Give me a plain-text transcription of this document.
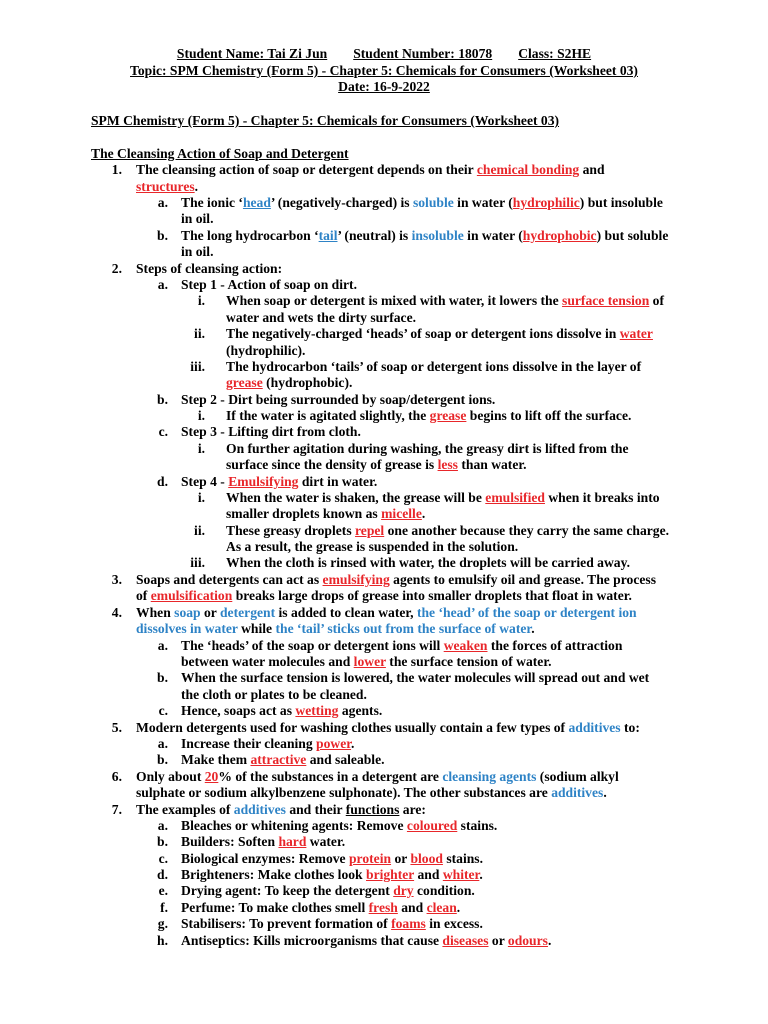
Student Name: Tai Zi Jun Student Number: 18078 Class: S2HE
Topic: SPM Chemistry (Form 5) - Chapter 5: Chemicals for Consumers (Worksheet 03)
Date: 16-9-2022
SPM Chemistry (Form 5) - Chapter 5: Chemicals for Consumers (Worksheet 03)
The Cleansing Action of Soap and Detergent
1. The cleansing action of soap or detergent depends on their chemical bonding and
structures.
a. The ionic ‘head’ (negatively-charged) is soluble in water (hydrophilic) but insoluble
in oil.
b. The long hydrocarbon ‘tail’ (neutral) is insoluble in water (hydrophobic) but soluble
in oil.
2. Steps of cleansing action:
a. Step 1 - Action of soap on dirt.
i. When soap or detergent is mixed with water, it lowers the surface tension of
water and wets the dirty surface.
ii. The negatively-charged ‘heads’ of soap or detergent ions dissolve in water
(hydrophilic).
iii. The hydrocarbon ‘tails’ of soap or detergent ions dissolve in the layer of
grease (hydrophobic).
b. Step 2 - Dirt being surrounded by soap/detergent ions.
i. If the water is agitated slightly, the grease begins to lift off the surface.
c. Step 3 - Lifting dirt from cloth.
i. On further agitation during washing, the greasy dirt is lifted from the
surface since the density of grease is less than water.
d. Step 4 - Emulsifying dirt in water.
i. When the water is shaken, the grease will be emulsified when it breaks into
smaller droplets known as micelle.
ii. These greasy droplets repel one another because they carry the same charge.
As a result, the grease is suspended in the solution.
iii. When the cloth is rinsed with water, the droplets will be carried away.
3. Soaps and detergents can act as emulsifying agents to emulsify oil and grease. The process
of emulsification breaks large drops of grease into smaller droplets that float in water.
4. When soap or detergent is added to clean water, the ‘head’ of the soap or detergent ion
dissolves in water while the ‘tail’ sticks out from the surface of water.
a. The ‘heads’ of the soap or detergent ions will weaken the forces of attraction
between water molecules and lower the surface tension of water.
b. When the surface tension is lowered, the water molecules will spread out and wet
the cloth or plates to be cleaned.
c. Hence, soaps act as wetting agents.
5. Modern detergents used for washing clothes usually contain a few types of additives to:
a. Increase their cleaning power.
b. Make them attractive and saleable.
6. Only about 20% of the substances in a detergent are cleansing agents (sodium alkyl
sulphate or sodium alkylbenzene sulphonate). The other substances are additives.
7. The examples of additives and their functions are:
a. Bleaches or whitening agents: Remove coloured stains.
b. Builders: Soften hard water.
c. Biological enzymes: Remove protein or blood stains.
d. Brighteners: Make clothes look brighter and whiter.
e. Drying agent: To keep the detergent dry condition.
f. Perfume: To make clothes smell fresh and clean.
g. Stabilisers: To prevent formation of foams in excess.
h. Antiseptics: Kills microorganisms that cause diseases or odours.
